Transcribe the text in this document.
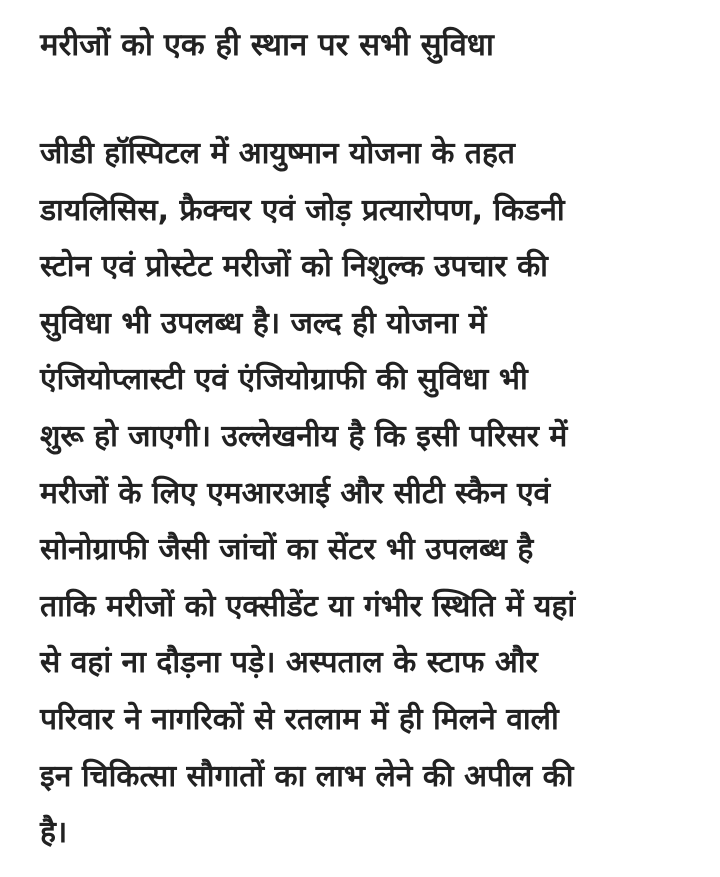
मरीजों को एक ही स्थान पर सभी सुविधा
जीडी हॉस्पिटल में आयुष्मान योजना के तहत
डायलिसिस, फ्रैक्चर एवं जोड़ प्रत्यारोपण, किडनी
स्टोन एवं प्रोस्टेट मरीजों को निशुल्क उपचार की
सुविधा भी उपलब्ध है। जल्द ही योजना में
एंजियोप्लास्टी एवं एंजियोग्राफी की सुविधा भी
शुरू हो जाएगी। उल्लेखनीय है कि इसी परिसर में
मरीजों के लिए एमआरआई और सीटी स्कैन एवं
सोनोग्राफी जैसी जांचों का सेंटर भी उपलब्ध है
ताकि मरीजों को एक्सीडेंट या गंभीर स्थिति में यहां
से वहां ना दौड़ना पड़े। अस्पताल के स्टाफ और
परिवार ने नागरिकों से रतलाम में ही मिलने वाली
इन चिकित्सा सौगातों का लाभ लेने की अपील की
है।
